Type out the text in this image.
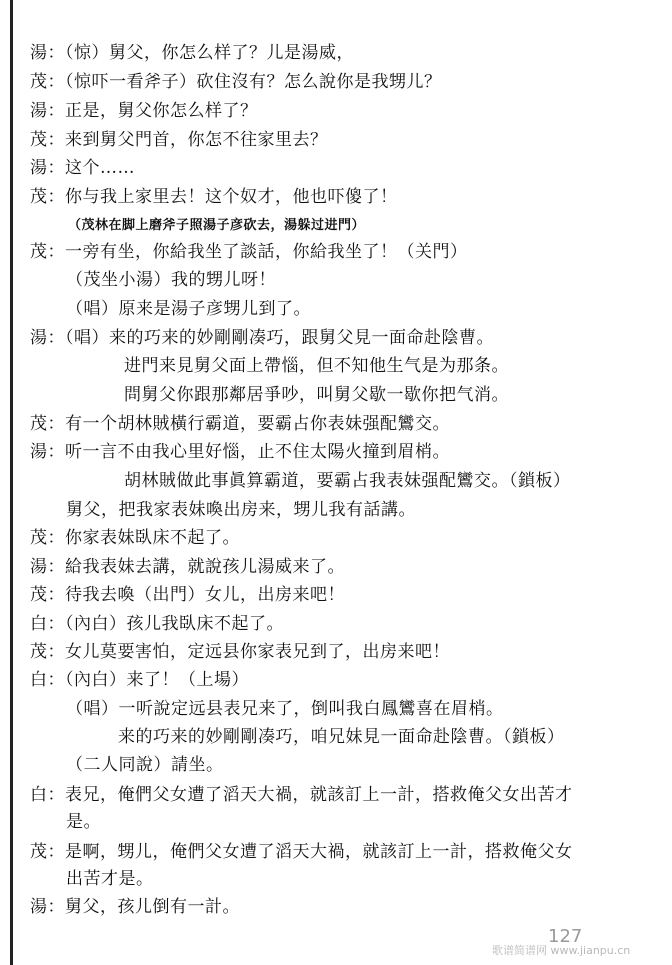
湯：（惊）舅父，你怎么样了？儿是湯威，
茂：（惊吓一看斧子）砍住沒有？怎么說你是我甥儿？
湯：正是，舅父你怎么样了？
茂：来到舅父門首，你怎不往家里去？
湯：这个……
茂：你与我上家里去！这个奴才，他也吓傻了！
（茂林在脚上磨斧子照湯子彦砍去，湯躲过进門）
茂：一旁有坐，你給我坐了談話，你給我坐了！（关門）
（茂坐小湯）我的甥儿呀！
（唱）原来是湯子彦甥儿到了。
湯：（唱）来的巧来的妙剛剛凑巧，跟舅父見一面命赴陰曹。
进門来見舅父面上帶惱，但不知他生气是为那条。
問舅父你跟那鄰居爭吵，叫舅父歇一歇你把气消。
茂：有一个胡林賊橫行霸道，要霸占你表妹强配鸞交。
湯：听一言不由我心里好惱，止不住太陽火撞到眉梢。
胡林賊做此事眞算霸道，要霸占我表妹强配鸞交。（鎖板）
舅父，把我家表妹喚出房来，甥儿我有話講。
茂：你家表妹臥床不起了。
湯：給我表妹去講，就說孩儿湯威来了。
茂：待我去喚（出門）女儿，出房来吧！
白：（內白）孩儿我臥床不起了。
茂：女儿莫要害怕，定远县你家表兄到了，出房来吧！
白：（內白）来了！（上場）
（唱）一听說定远县表兄来了，倒叫我白鳳鸞喜在眉梢。
来的巧来的妙剛剛凑巧，咱兄妹見一面命赴陰曹。（鎖板）
（二人同說）請坐。
白：表兄，俺們父女遭了滔天大禍，就該訂上一計，搭救俺父女出苦才
是。
茂：是啊，甥儿，俺們父女遭了滔天大禍，就該訂上一計，搭救俺父女
出苦才是。
湯：舅父，孩儿倒有一計。
127
歌谱简谱网 www.jianpu.cn
